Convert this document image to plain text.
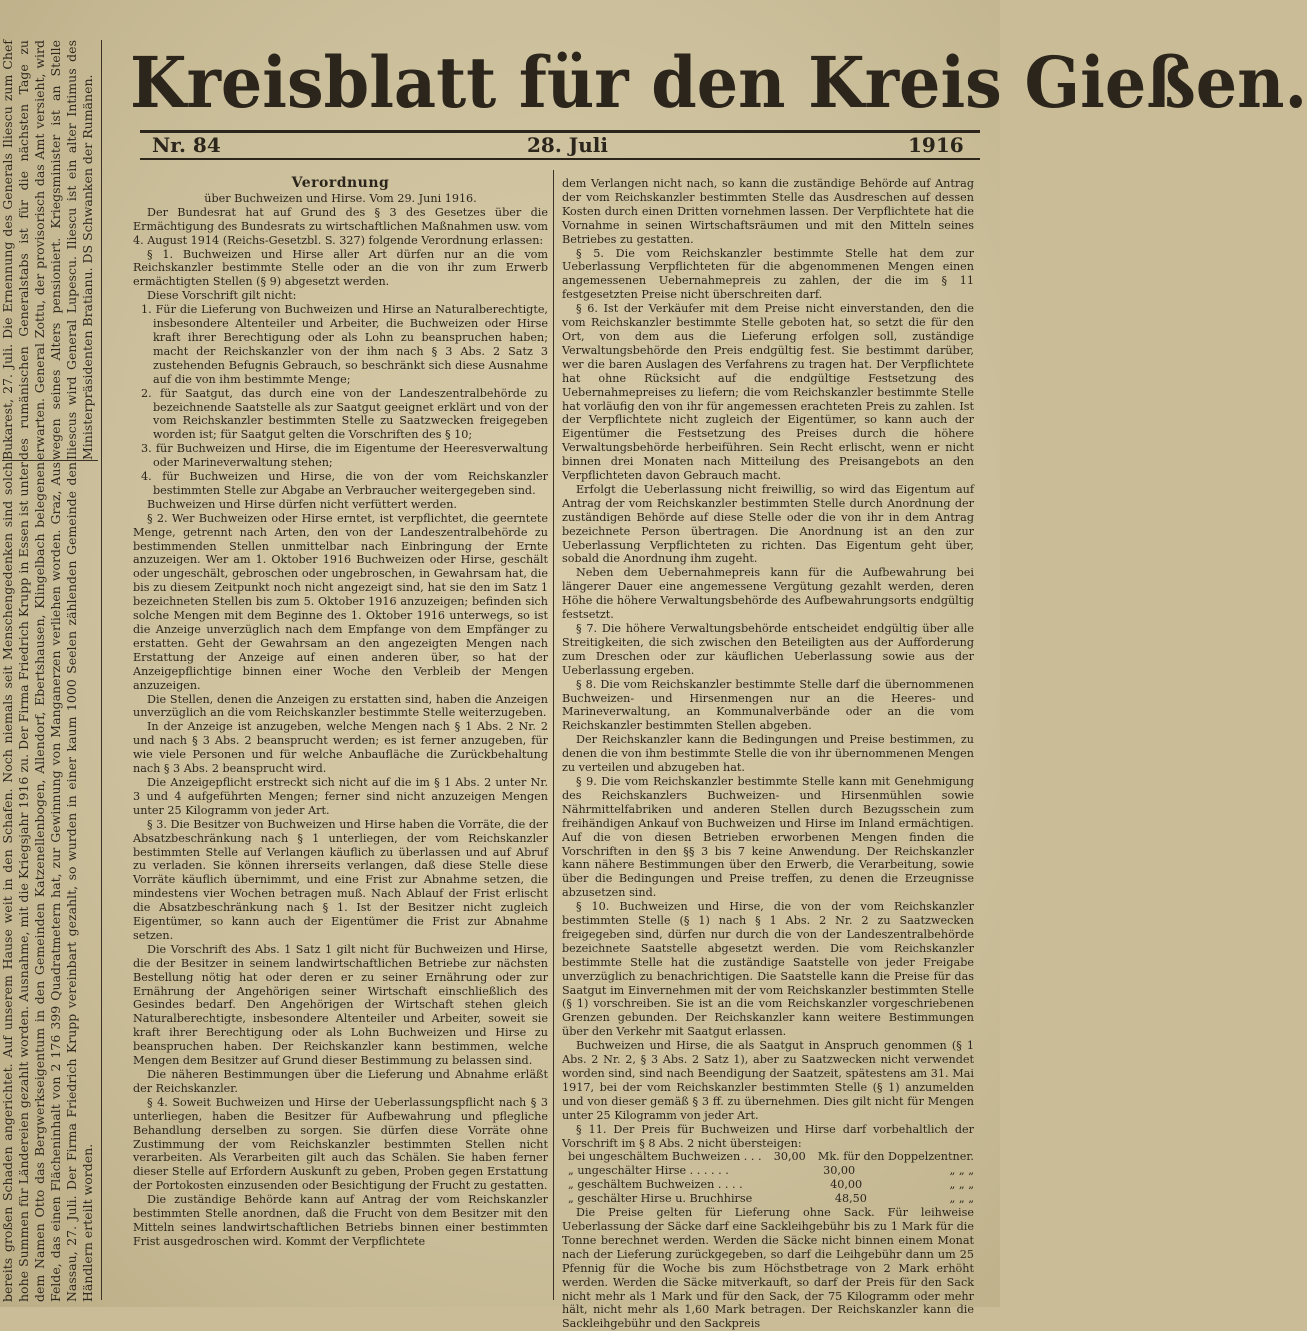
Kreisblatt für den Kreis Gießen.
Nr. 84	28. Juli	1916
Bukarest, 27. Juli. Die Ernennung des Generals Iliescu zum Chef des rumänischen Generalstabs ist für die nächsten Tage zu erwarten. General Zottu, der provisorisch das Amt versieht, wird wegen seines Alters pensioniert. Kriegsminister ist an Stelle Iliescus wird General Lupescu. Iliescu ist ein alter Intimus des Ministerpräsidenten Bratianu. DS Schwanken der Rumänen.
bereits großen Schaden angerichtet. Auf unserem Hause weit in den Schafen. Noch niemals seit Menschengedenken sind solch hohe Summen für Ländereien gezahlt worden. Ausnahme, mit die Kriegsjahr 1916 zu. Der Firma Friedrich Krupp in Essen ist unter dem Namen Otto das Bergwerkseigentum in den Gemeinden Katzenellenbogen, Allendorf, Ebertshausen, Klingelbach belegenen Felde, das einen Flächeninhalt von 2 176 399 Quadratmetern hat, zur Gewinnung von Manganerzen verliehen worden. Graz, Aus Nassau, 27. Juli. Der Firma Friedrich Krupp vereinbart gezahlt, so wurden in einer kaum 1000 Seelen zählenden Gemeinde den Händlern erteilt worden.
Verordnung

über Buchweizen und Hirse. Vom 29. Juni 1916.

Der Bundesrat hat auf Grund des § 3 des Gesetzes über die Ermächtigung des Bundesrats zu wirtschaftlichen Maßnahmen usw. vom 4. August 1914 (Reichs-Gesetzbl. S. 327) folgende Verordnung erlassen:

§ 1. Buchweizen und Hirse aller Art dürfen nur an die vom Reichskanzler bestimmte Stelle oder an die von ihr zum Erwerb ermächtigten Stellen (§ 9) abgesetzt werden.

Diese Vorschrift gilt nicht:

1. Für die Lieferung von Buchweizen und Hirse an Naturalberechtigte, insbesondere Altenteiler und Arbeiter, die Buchweizen oder Hirse kraft ihrer Berechtigung oder als Lohn zu beanspruchen haben; macht der Reichskanzler von der ihm nach § 3 Abs. 2 Satz 3 zustehenden Befugnis Gebrauch, so beschränkt sich diese Ausnahme auf die von ihm bestimmte Menge;

2. für Saatgut, das durch eine von der Landeszentralbehörde zu bezeichnende Saatstelle als zur Saatgut geeignet erklärt und von der vom Reichskanzler bestimmten Stelle zu Saatzwecken freigegeben worden ist; für Saatgut gelten die Vorschriften des § 10;

3. für Buchweizen und Hirse, die im Eigentume der Heeresverwaltung oder Marineverwaltung stehen;

4. für Buchweizen und Hirse, die von der vom Reichskanzler bestimmten Stelle zur Abgabe an Verbraucher weitergegeben sind.

Buchweizen und Hirse dürfen nicht verfüttert werden.

§ 2. Wer Buchweizen oder Hirse erntet, ist verpflichtet, die geerntete Menge, getrennt nach Arten, den von der Landeszentralbehörde zu bestimmenden Stellen unmittelbar nach Einbringung der Ernte anzuzeigen. Wer am 1. Oktober 1916 Buchweizen oder Hirse, geschält oder ungeschält, gebroschen oder ungebroschen, in Gewahrsam hat, die bis zu diesem Zeitpunkt noch nicht angezeigt sind, hat sie den im Satz 1 bezeichneten Stellen bis zum 5. Oktober 1916 anzuzeigen; befinden sich solche Mengen mit dem Beginne des 1. Oktober 1916 unterwegs, so ist die Anzeige unverzüglich nach dem Empfange von dem Empfänger zu erstatten. Geht der Gewahrsam an den angezeigten Mengen nach Erstattung der Anzeige auf einen anderen über, so hat der Anzeigepflichtige binnen einer Woche den Verbleib der Mengen anzuzeigen.

Die Stellen, denen die Anzeigen zu erstatten sind, haben die Anzeigen unverzüglich an die vom Reichskanzler bestimmte Stelle weiterzugeben.

In der Anzeige ist anzugeben, welche Mengen nach § 1 Abs. 2 Nr. 2 und nach § 3 Abs. 2 beansprucht werden; es ist ferner anzugeben, für wie viele Personen und für welche Anbaufläche die Zurückbehaltung nach § 3 Abs. 2 beansprucht wird.

Die Anzeigepflicht erstreckt sich nicht auf die im § 1 Abs. 2 unter Nr. 3 und 4 aufgeführten Mengen; ferner sind nicht anzuzeigen Mengen unter 25 Kilogramm von jeder Art.

§ 3. Die Besitzer von Buchweizen und Hirse haben die Vorräte, die der Absatzbeschränkung nach § 1 unterliegen, der vom Reichskanzler bestimmten Stelle auf Verlangen käuflich zu überlassen und auf Abruf zu verladen. Sie können ihrerseits verlangen, daß diese Stelle diese Vorräte käuflich übernimmt, und eine Frist zur Abnahme setzen, die mindestens vier Wochen betragen muß. Nach Ablauf der Frist erlischt die Absatzbeschränkung nach § 1. Ist der Besitzer nicht zugleich Eigentümer, so kann auch der Eigentümer die Frist zur Abnahme setzen.

Die Vorschrift des Abs. 1 Satz 1 gilt nicht für Buchweizen und Hirse, die der Besitzer in seinem landwirtschaftlichen Betriebe zur nächsten Bestellung nötig hat oder deren er zu seiner Ernährung oder zur Ernährung der Angehörigen seiner Wirtschaft einschließlich des Gesindes bedarf. Den Angehörigen der Wirtschaft stehen gleich Naturalberechtigte, insbesondere Altenteiler und Arbeiter, soweit sie kraft ihrer Berechtigung oder als Lohn Buchweizen und Hirse zu beanspruchen haben. Der Reichskanzler kann bestimmen, welche Mengen dem Besitzer auf Grund dieser Bestimmung zu belassen sind.

Die näheren Bestimmungen über die Lieferung und Abnahme erläßt der Reichskanzler.

§ 4. Soweit Buchweizen und Hirse der Ueberlassungspflicht nach § 3 unterliegen, haben die Besitzer für Aufbewahrung und pflegliche Behandlung derselben zu sorgen. Sie dürfen diese Vorräte ohne Zustimmung der vom Reichskanzler bestimmten Stellen nicht verarbeiten. Als Verarbeiten gilt auch das Schälen. Sie haben ferner dieser Stelle auf Erfordern Auskunft zu geben, Proben gegen Erstattung der Portokosten einzusenden oder Besichtigung der Frucht zu gestatten.

Die zuständige Behörde kann auf Antrag der vom Reichskanzler bestimmten Stelle anordnen, daß die Frucht von dem Besitzer mit den Mitteln seines landwirtschaftlichen Betriebs binnen einer bestimmten Frist ausgedroschen wird. Kommt der Verpflichtete

dem Verlangen nicht nach, so kann die zuständige Behörde auf Antrag der vom Reichskanzler bestimmten Stelle das Ausdreschen auf dessen Kosten durch einen Dritten vornehmen lassen. Der Verpflichtete hat die Vornahme in seinen Wirtschaftsräumen und mit den Mitteln seines Betriebes zu gestatten.

§ 5. Die vom Reichskanzler bestimmte Stelle hat dem zur Ueberlassung Verpflichteten für die abgenommenen Mengen einen angemessenen Uebernahmepreis zu zahlen, der die im § 11 festgesetzten Preise nicht überschreiten darf.

§ 6. Ist der Verkäufer mit dem Preise nicht einverstanden, den die vom Reichskanzler bestimmte Stelle geboten hat, so setzt die für den Ort, von dem aus die Lieferung erfolgen soll, zuständige Verwaltungsbehörde den Preis endgültig fest. Sie bestimmt darüber, wer die baren Auslagen des Verfahrens zu tragen hat. Der Verpflichtete hat ohne Rücksicht auf die endgültige Festsetzung des Uebernahmepreises zu liefern; die vom Reichskanzler bestimmte Stelle hat vorläufig den von ihr für angemessen erachteten Preis zu zahlen. Ist der Verpflichtete nicht zugleich der Eigentümer, so kann auch der Eigentümer die Festsetzung des Preises durch die höhere Verwaltungsbehörde herbeiführen. Sein Recht erlischt, wenn er nicht binnen drei Monaten nach Mitteilung des Preisangebots an den Verpflichteten davon Gebrauch macht.

Erfolgt die Ueberlassung nicht freiwillig, so wird das Eigentum auf Antrag der vom Reichskanzler bestimmten Stelle durch Anordnung der zuständigen Behörde auf diese Stelle oder die von ihr in dem Antrag bezeichnete Person übertragen. Die Anordnung ist an den zur Ueberlassung Verpflichteten zu richten. Das Eigentum geht über, sobald die Anordnung ihm zugeht.

Neben dem Uebernahmepreis kann für die Aufbewahrung bei längerer Dauer eine angemessene Vergütung gezahlt werden, deren Höhe die höhere Verwaltungsbehörde des Aufbewahrungsorts endgültig festsetzt.

§ 7. Die höhere Verwaltungsbehörde entscheidet endgültig über alle Streitigkeiten, die sich zwischen den Beteiligten aus der Aufforderung zum Dreschen oder zur käuflichen Ueberlassung sowie aus der Ueberlassung ergeben.

§ 8. Die vom Reichskanzler bestimmte Stelle darf die übernommenen Buchweizen- und Hirsenmengen nur an die Heeres- und Marineverwaltung, an Kommunalverbände oder an die vom Reichskanzler bestimmten Stellen abgeben.

Der Reichskanzler kann die Bedingungen und Preise bestimmen, zu denen die von ihm bestimmte Stelle die von ihr übernommenen Mengen zu verteilen und abzugeben hat.

§ 9. Die vom Reichskanzler bestimmte Stelle kann mit Genehmigung des Reichskanzlers Buchweizen- und Hirsenmühlen sowie Nährmittelfabriken und anderen Stellen durch Bezugsschein zum freihändigen Ankauf von Buchweizen und Hirse im Inland ermächtigen. Auf die von diesen Betrieben erworbenen Mengen finden die Vorschriften in den §§ 3 bis 7 keine Anwendung. Der Reichskanzler kann nähere Bestimmungen über den Erwerb, die Verarbeitung, sowie über die Bedingungen und Preise treffen, zu denen die Erzeugnisse abzusetzen sind.

§ 10. Buchweizen und Hirse, die von der vom Reichskanzler bestimmten Stelle (§ 1) nach § 1 Abs. 2 Nr. 2 zu Saatzwecken freigegeben sind, dürfen nur durch die von der Landeszentralbehörde bezeichnete Saatstelle abgesetzt werden. Die vom Reichskanzler bestimmte Stelle hat die zuständige Saatstelle von jeder Freigabe unverzüglich zu benachrichtigen. Die Saatstelle kann die Preise für das Saatgut im Einvernehmen mit der vom Reichskanzler bestimmten Stelle (§ 1) vorschreiben. Sie ist an die vom Reichskanzler vorgeschriebenen Grenzen gebunden. Der Reichskanzler kann weitere Bestimmungen über den Verkehr mit Saatgut erlassen.

Buchweizen und Hirse, die als Saatgut in Anspruch genommen (§ 1 Abs. 2 Nr. 2, § 3 Abs. 2 Satz 1), aber zu Saatzwecken nicht verwendet worden sind, sind nach Beendigung der Saatzeit, spätestens am 31. Mai 1917, bei der vom Reichskanzler bestimmten Stelle (§ 1) anzumelden und von dieser gemäß § 3 ff. zu übernehmen. Dies gilt nicht für Mengen unter 25 Kilogramm von jeder Art.

§ 11. Der Preis für Buchweizen und Hirse darf vorbehaltlich der Vorschrift im § 8 Abs. 2 nicht übersteigen:

bei ungeschältem Buchweizen . . . 30,00 Mk. für den Doppelzentner.
„ ungeschälter Hirse . . . . . .	30,00	„ „ „
„ geschältem Buchweizen . . . .	40,00	„ „ „
„ geschälter Hirse u. Bruchhirse	48,50	„ „ „

Die Preise gelten für Lieferung ohne Sack. Für leihweise Ueberlassung der Säcke darf eine Sackleihgebühr bis zu 1 Mark für die Tonne berechnet werden. Werden die Säcke nicht binnen einem Monat nach der Lieferung zurückgegeben, so darf die Leihgebühr dann um 25 Pfennig für die Woche bis zum Höchstbetrage von 2 Mark erhöht werden. Werden die Säcke mitverkauft, so darf der Preis für den Sack nicht mehr als 1 Mark und für den Sack, der 75 Kilogramm oder mehr hält, nicht mehr als 1,60 Mark betragen. Der Reichskanzler kann die Sackleihgebühr und den Sackpreis
